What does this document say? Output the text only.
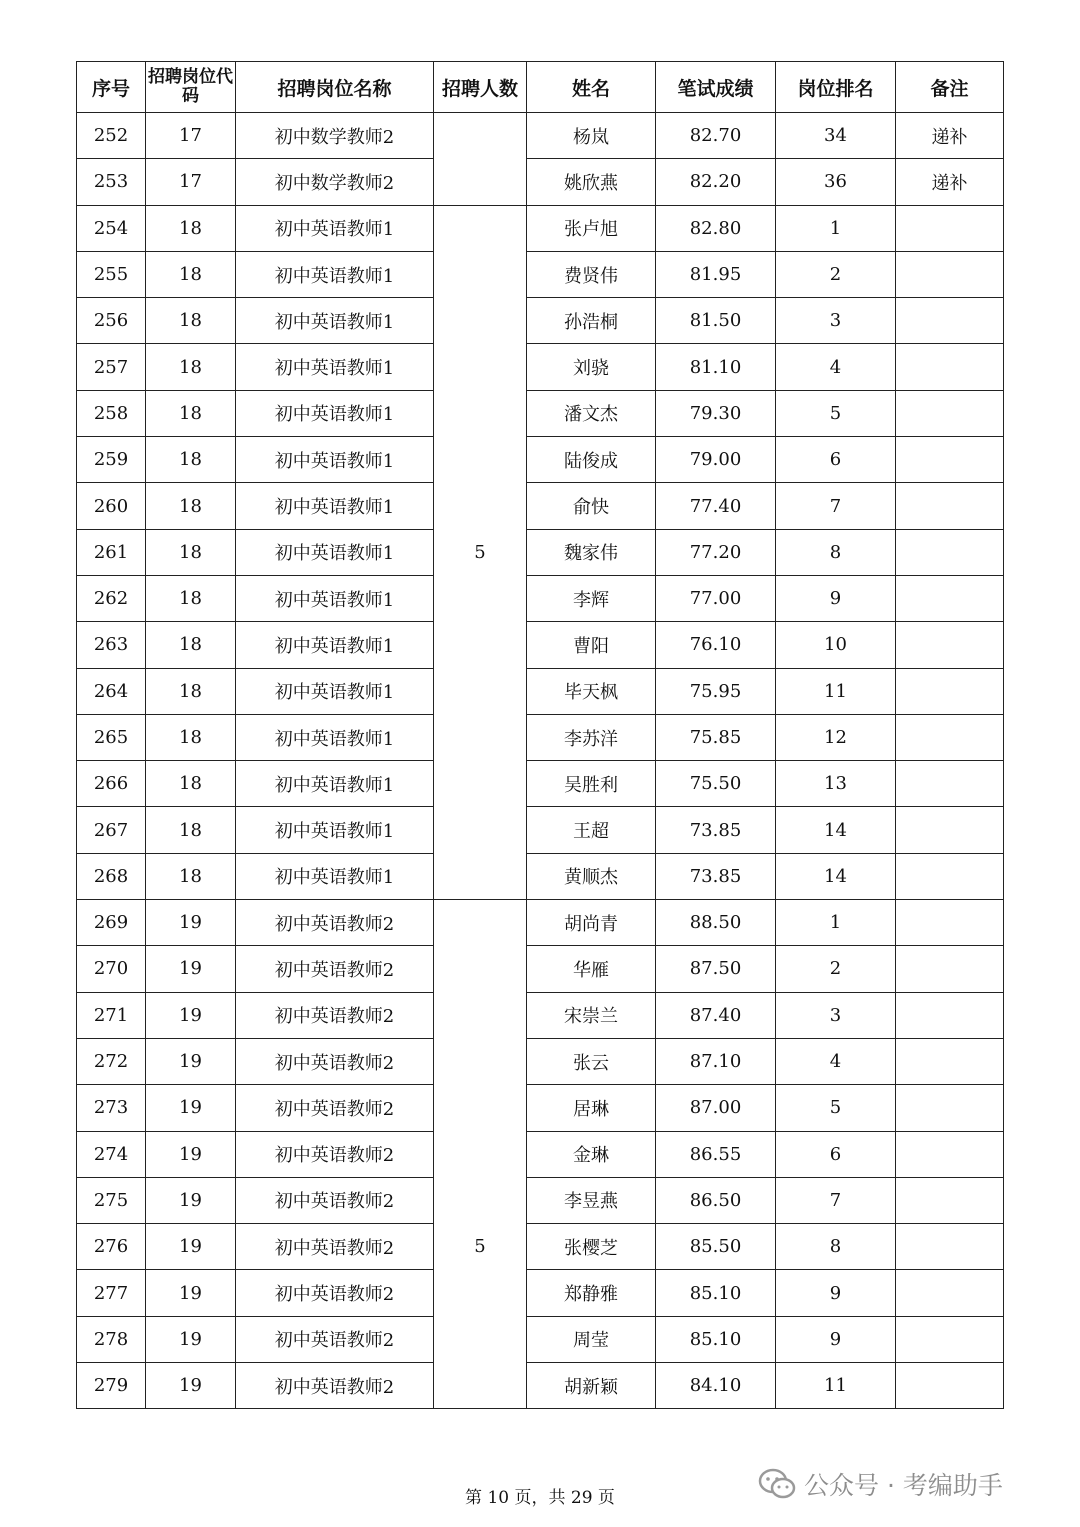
序号	招聘岗位代码	招聘岗位名称	招聘人数	姓名	笔试成绩	岗位排名	备注
252	17	初中数学教师2		杨岚	82.70	34	递补
253	17	初中数学教师2		姚欣燕	82.20	36	递补
254	18	初中英语教师1		张卢旭	82.80	1	
255	18	初中英语教师1		费贤伟	81.95	2	
256	18	初中英语教师1		孙浩桐	81.50	3	
257	18	初中英语教师1		刘骁	81.10	4	
258	18	初中英语教师1		潘文杰	79.30	5	
259	18	初中英语教师1		陆俊成	79.00	6	
260	18	初中英语教师1		俞快	77.40	7	
261	18	初中英语教师1	5	魏家伟	77.20	8	
262	18	初中英语教师1		李辉	77.00	9	
263	18	初中英语教师1		曹阳	76.10	10	
264	18	初中英语教师1		毕天枫	75.95	11	
265	18	初中英语教师1		李苏洋	75.85	12	
266	18	初中英语教师1		吴胜利	75.50	13	
267	18	初中英语教师1		王超	73.85	14	
268	18	初中英语教师1		黄顺杰	73.85	14	
269	19	初中英语教师2		胡尚青	88.50	1	
270	19	初中英语教师2		华雁	87.50	2	
271	19	初中英语教师2		宋崇兰	87.40	3	
272	19	初中英语教师2		张云	87.10	4	
273	19	初中英语教师2		居琳	87.00	5	
274	19	初中英语教师2		金琳	86.55	6	
275	19	初中英语教师2		李昱燕	86.50	7	
276	19	初中英语教师2	5	张樱芝	85.50	8	
277	19	初中英语教师2		郑静雅	85.10	9	
278	19	初中英语教师2		周莹	85.10	9	
279	19	初中英语教师2		胡新颖	84.10	11	
第 10 页，共 29 页	公众号 · 考编助手
